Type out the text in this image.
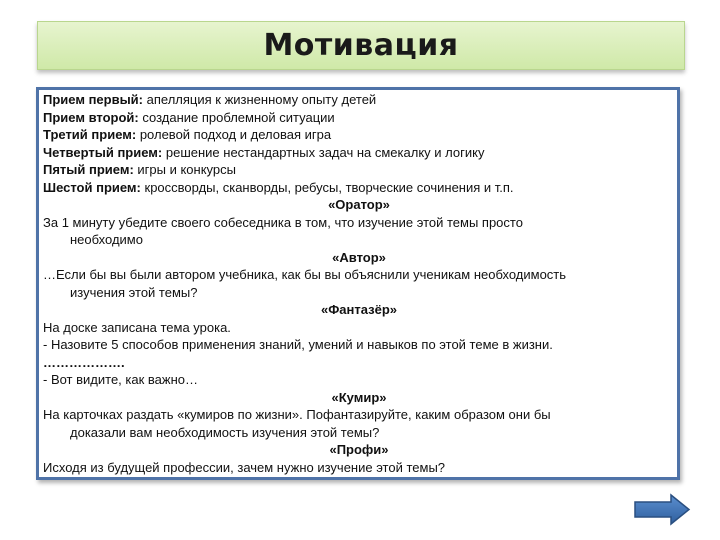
Мотивация
Прием первый: апелляция к жизненному опыту детей
Прием второй: создание проблемной ситуации
Третий прием: ролевой подход и деловая игра
Четвертый прием: решение нестандартных задач на смекалку и логику
Пятый прием: игры и конкурсы
Шестой прием: кроссворды, сканворды, ребусы, творческие сочинения и т.п.
«Оратор»
За 1 минуту убедите своего собеседника в том, что изучение этой темы просто
необходимо
«Автор»
…Если бы вы были автором учебника, как бы вы объяснили ученикам необходимость
изучения этой темы?
«Фантазёр»
На доске записана тема урока.
- Назовите 5 способов применения знаний, умений и навыков по этой теме в жизни.
……………….
- Вот видите, как важно…
«Кумир»
На карточках раздать «кумиров по жизни». Пофантазируйте, каким образом они бы
доказали вам необходимость изучения этой темы?
«Профи»
Исходя из будущей профессии, зачем нужно изучение этой темы?
